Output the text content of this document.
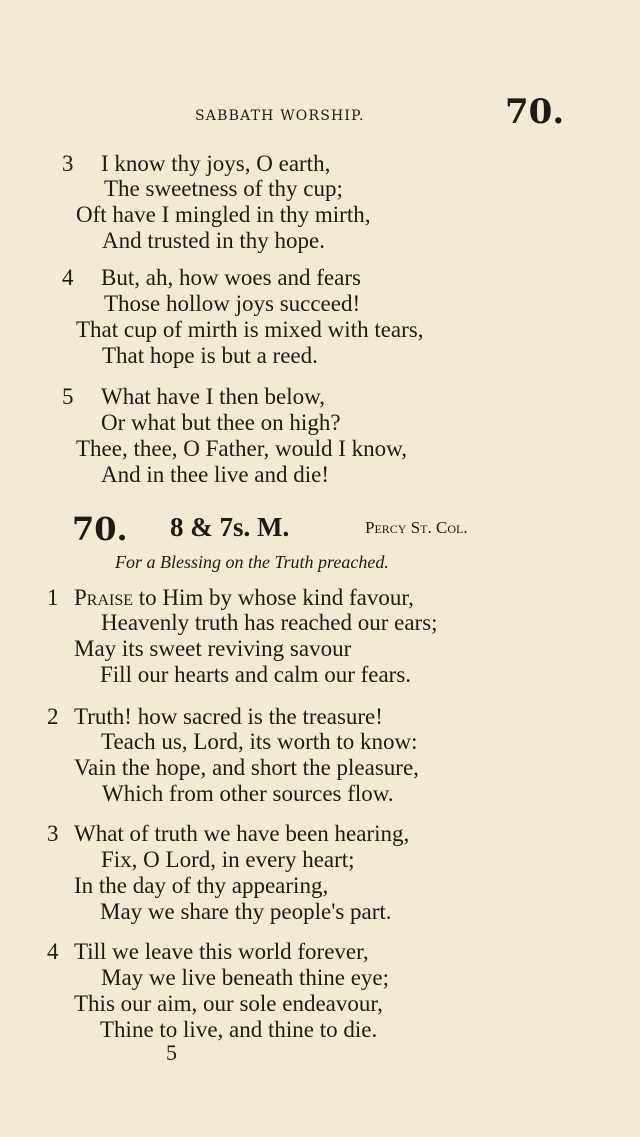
SABBATH WORSHIP.	70.
3 I know thy joys, O earth,
The sweetness of thy cup;
Oft have I mingled in thy mirth,
And trusted in thy hope.
4 But, ah, how woes and fears
Those hollow joys succeed!
That cup of mirth is mixed with tears,
That hope is but a reed.
5 What have I then below,
Or what but thee on high?
Thee, thee, O Father, would I know,
And in thee live and die!
70. 8 & 7s. M.	Percy St. Col.
For a Blessing on the Truth preached.
1 Praise to Him by whose kind favour,
Heavenly truth has reached our ears;
May its sweet reviving savour
Fill our hearts and calm our fears.
2 Truth! how sacred is the treasure!
Teach us, Lord, its worth to know:
Vain the hope, and short the pleasure,
Which from other sources flow.
3 What of truth we have been hearing,
Fix, O Lord, in every heart;
In the day of thy appearing,
May we share thy people's part.
4 Till we leave this world forever,
May we live beneath thine eye;
This our aim, our sole endeavour,
Thine to live, and thine to die.
5
